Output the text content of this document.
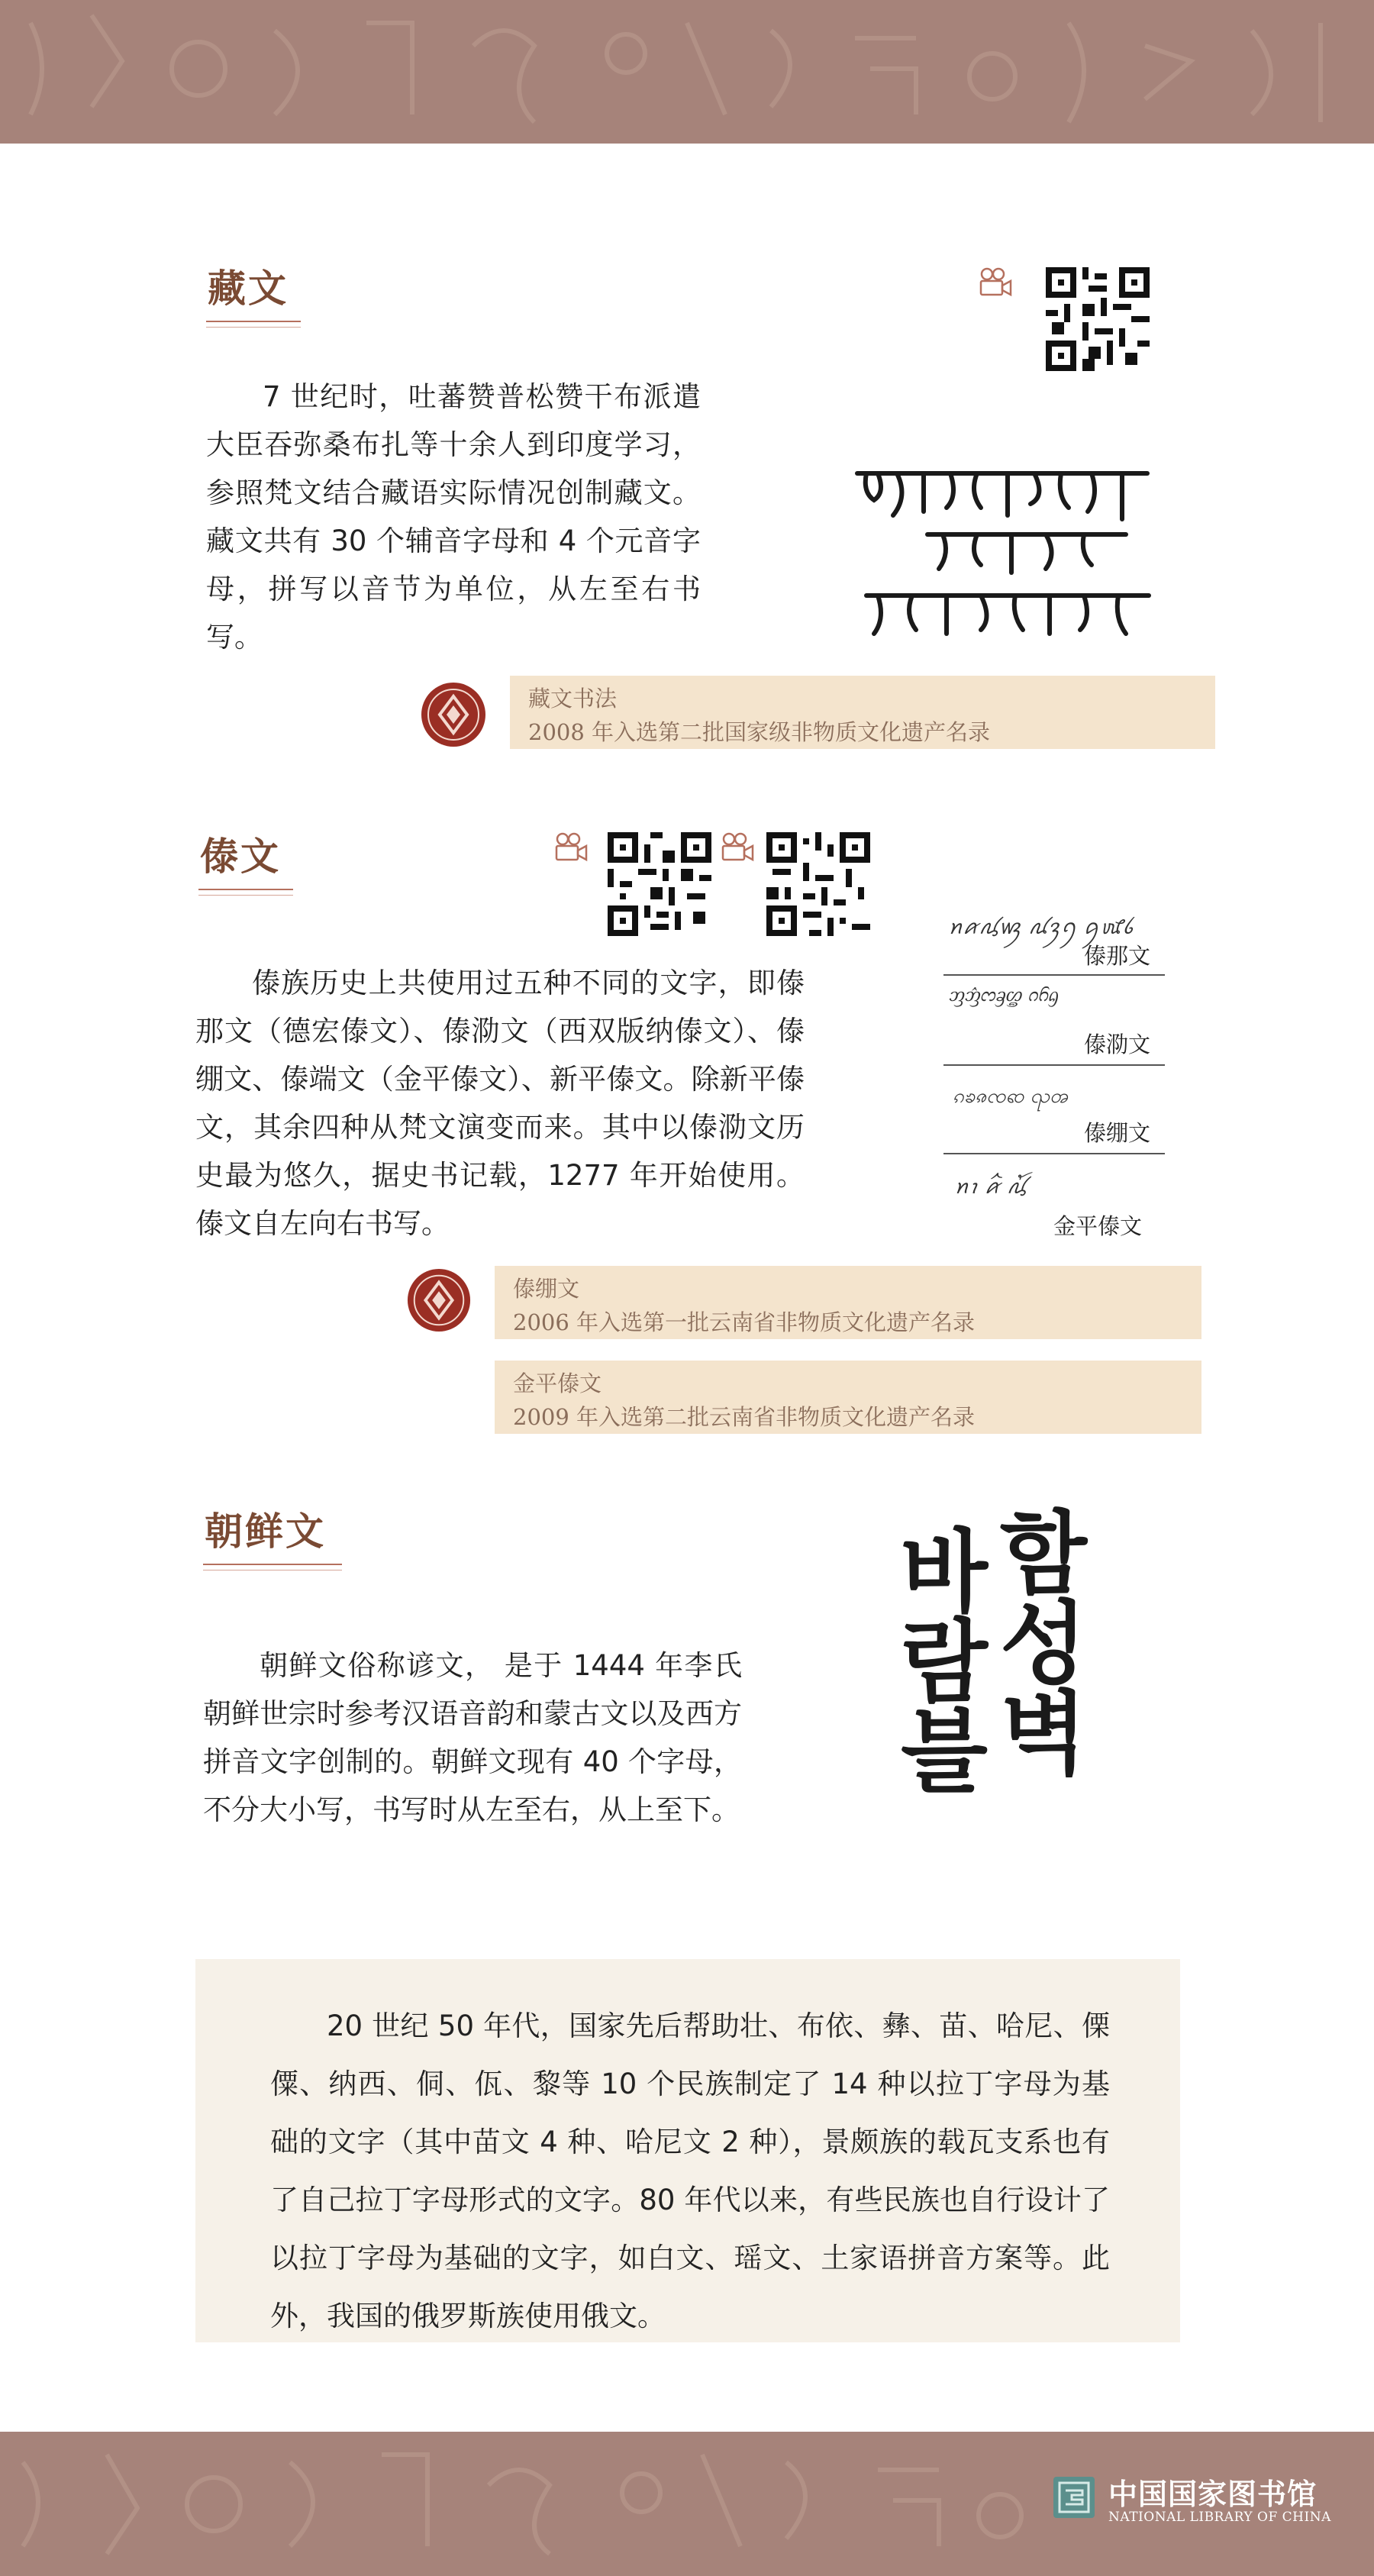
藏文

7 世纪时，吐蕃赞普松赞干布派遣大臣吞弥桑布扎等十余人到印度学习，参照梵文结合藏语实际情况创制藏文。藏文共有 30 个辅音字母和 4 个元音字母，拼写以音节为单位，从左至右书写。

藏文书法
2008 年入选第二批国家级非物质文化遗产名录
傣文

傣族历史上共使用过五种不同的文字，即傣那文（德宏傣文）、傣泐文（西双版纳傣文）、傣绷文、傣端文（金平傣文）、新平傣文。除新平傣文，其余四种从梵文演变而来。其中以傣泐文历史最为悠久，据史书记载，1277 年开始使用。傣文自左向右书写。

ꪀꪁꪂꪃ ꪄꪅꪆ ꪇꪈꪉ
傣那文
ᦀᦁᦂᦃᦄ ᦅᦆᦇ
傣泐文
ၵၶၷၸၹ ၺၻ
傣绷文
ꪀꪱ ꪁꪲ ꪂꪳ
金平傣文
傣绷文
2006 年入选第一批云南省非物质文化遗产名录
金平傣文
2009 年入选第二批云南省非物质文化遗产名录
朝鲜文

朝鲜文俗称谚文， 是于 1444 年李氏朝鲜世宗时参考汉语音韵和蒙古文以及西方拼音文字创制的。朝鲜文现有 40 个字母，不分大小写，书写时从左至右，从上至下。

함성벽
바람블

20 世纪 50 年代，国家先后帮助壮、布依、彝、苗、哈尼、傈僳、纳西、侗、佤、黎等 10 个民族制定了 14 种以拉丁字母为基础的文字（其中苗文 4 种、哈尼文 2 种），景颇族的载瓦支系也有了自己拉丁字母形式的文字。80 年代以来，有些民族也自行设计了以拉丁字母为基础的文字，如白文、瑶文、土家语拼音方案等。此外，我国的俄罗斯族使用俄文。

中国国家图书馆
NATIONAL LIBRARY OF CHINA
